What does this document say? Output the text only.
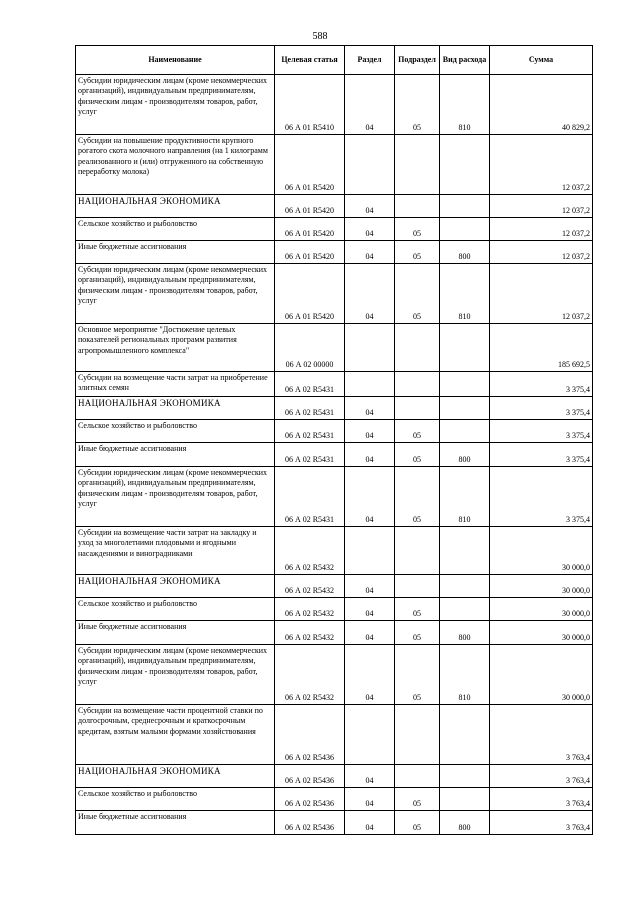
588
Наименование	Целевая статья	Раздел	Подраздел	Вид расхода	Сумма
Субсидии юридическим лицам (кроме некоммерческих организаций), индивидуальным предпринимателям, физическим лицам - производителям товаров, работ, услуг	06 А 01 R5410	04	05	810	40 829,2
Субсидии на повышение продуктивности крупного рогатого скота молочного направления (на 1 килограмм реализованного и (или) отгруженного на собственную переработку молока)	06 А 01 R5420				12 037,2
НАЦИОНАЛЬНАЯ ЭКОНОМИКА	06 А 01 R5420	04			12 037,2
Сельское хозяйство и рыболовство	06 А 01 R5420	04	05		12 037,2
Иные бюджетные ассигнования	06 А 01 R5420	04	05	800	12 037,2
Субсидии юридическим лицам (кроме некоммерческих организаций), индивидуальным предпринимателям, физическим лицам - производителям товаров, работ, услуг	06 А 01 R5420	04	05	810	12 037,2
Основное мероприятие "Достижение целевых показателей региональных программ развития агропромышленного комплекса"	06 А 02 00000				185 692,5
Субсидии на возмещение части затрат на приобретение элитных семян	06 А 02 R5431				3 375,4
НАЦИОНАЛЬНАЯ ЭКОНОМИКА	06 А 02 R5431	04			3 375,4
Сельское хозяйство и рыболовство	06 А 02 R5431	04	05		3 375,4
Иные бюджетные ассигнования	06 А 02 R5431	04	05	800	3 375,4
Субсидии юридическим лицам (кроме некоммерческих организаций), индивидуальным предпринимателям, физическим лицам - производителям товаров, работ, услуг	06 А 02 R5431	04	05	810	3 375,4
Субсидии на возмещение части затрат на закладку и уход за многолетними плодовыми и ягодными насаждениями и виноградниками	06 А 02 R5432				30 000,0
НАЦИОНАЛЬНАЯ ЭКОНОМИКА	06 А 02 R5432	04			30 000,0
Сельское хозяйство и рыболовство	06 А 02 R5432	04	05		30 000,0
Иные бюджетные ассигнования	06 А 02 R5432	04	05	800	30 000,0
Субсидии юридическим лицам (кроме некоммерческих организаций), индивидуальным предпринимателям, физическим лицам - производителям товаров, работ, услуг	06 А 02 R5432	04	05	810	30 000,0
Субсидии на возмещение части процентной ставки по долгосрочным, среднесрочным и краткосрочным кредитам, взятым малыми формами хозяйствования	06 А 02 R5436				3 763,4
НАЦИОНАЛЬНАЯ ЭКОНОМИКА	06 А 02 R5436	04			3 763,4
Сельское хозяйство и рыболовство	06 А 02 R5436	04	05		3 763,4
Иные бюджетные ассигнования	06 А 02 R5436	04	05	800	3 763,4
